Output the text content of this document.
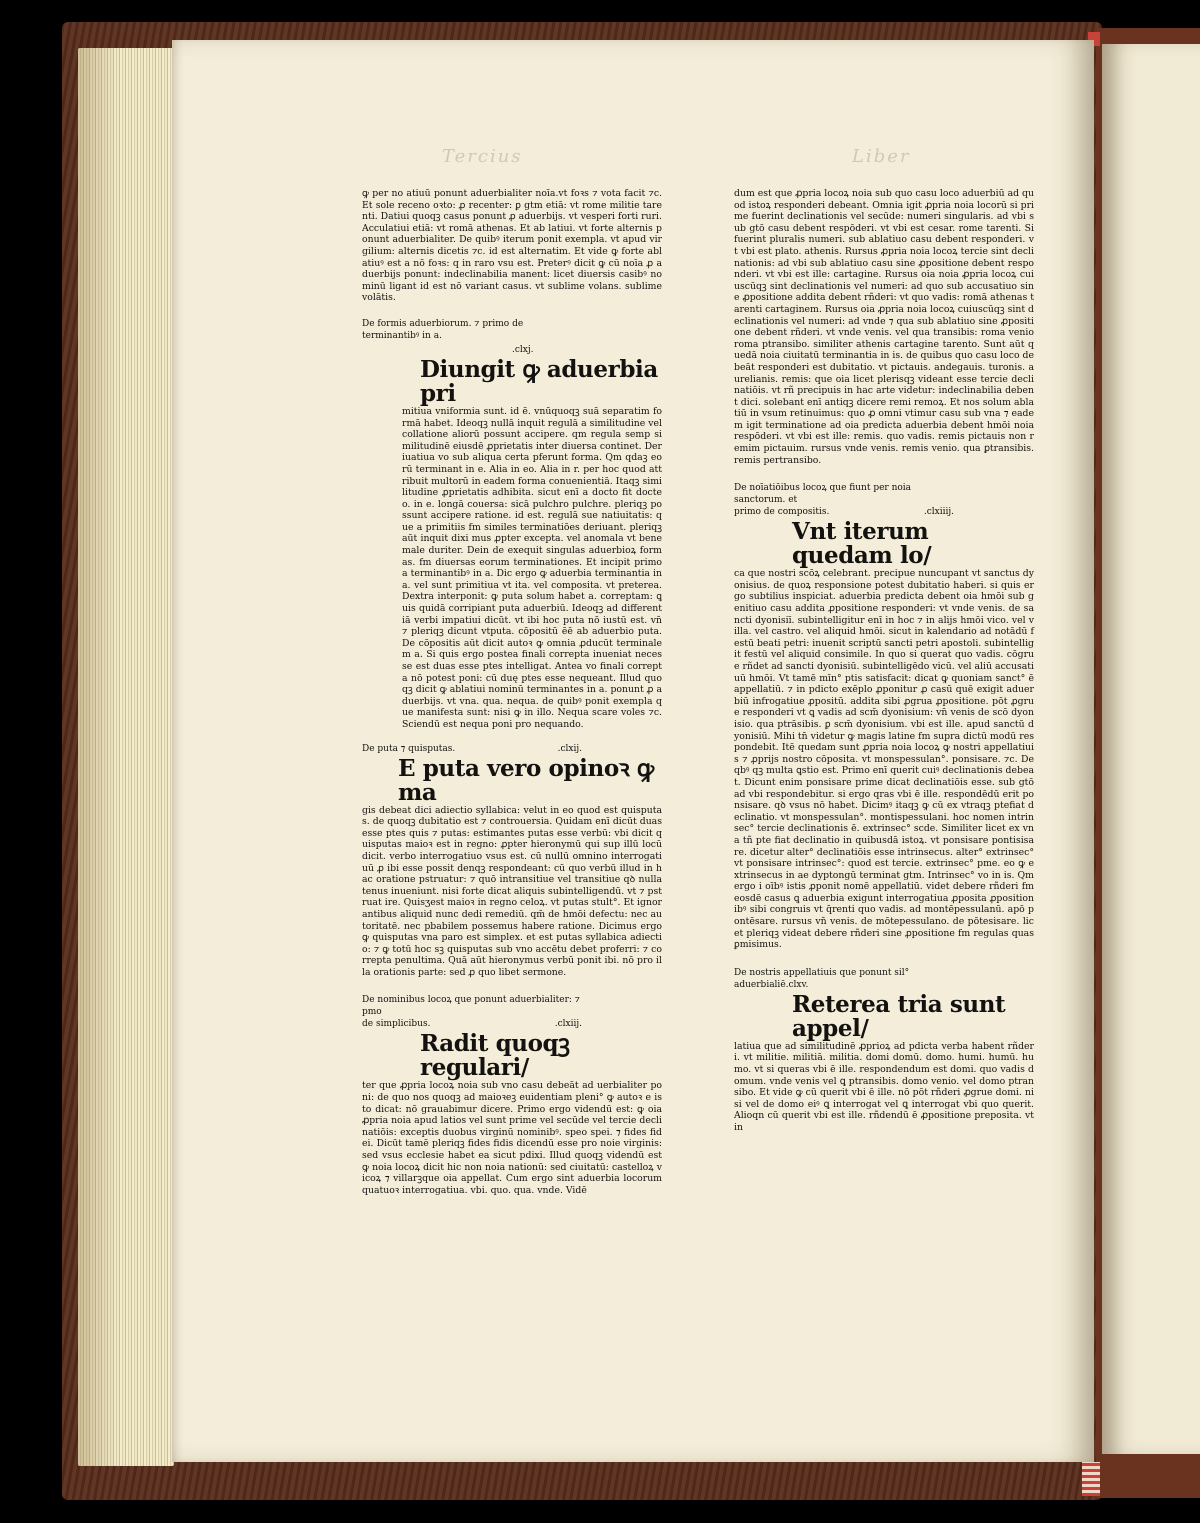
Tercius	Liber

ꝙ per no atiuū ponunt aduerbialiter noīa.vt foꝛs ⁊ vota facit ⁊c. Et sole receno oꝛto: ꝓ recenter: ꝑ gtm etiā: vt rome militie tarenti. Datiui quoqꝫ casus ponunt ꝓ aduerbijs. vt vesperi forti ruri. Acculatiui etiā: vt romā athenas. Et ab latiui. vt forte alternis ponunt aduerbialiter. De quibꝰ iterum ponit exempla. vt apud virgilium: alternis dicetis ⁊c. id est alternatim. Et vide ꝙ forte ablatiuꝰ est a nō foꝛs: q in raro vsu est. Preterꝰ dicit ꝙ cū noīa ꝓ aduerbijs ponunt: indeclinabilia manent: licet diuersis casibꝰ nominū ligant id est nō variant casus. vt sublime volans. sublime volātis.

De formis aduerbiorum. ⁊ primo de terminantibꝰ in a.
.clxj.
Diungit ꝙ aduerbia pri

mitiua vniformia sunt. id ē. vnūquoqꝫ suā separatim formā habet. Ideoqꝫ nullā inquit regulā a similitudine vel collatione aliorū possunt accipere. qm regula semp similitudinē eiusdē ꝓprietatis inter diuersa continet. Deriuatiua vo sub aliqua certa pferunt forma. Qm qdaꝫ eorū terminant in e. Alia in eo. Alia in r. per hoc quod attribuit multorū in eadem forma conuenientiā. Itaqꝫ similitudine ꝓprietatis adhibita. sicut enī a docto fit docte o. in e. longā couersa: sicā pulchro pulchre. pleriqꝫ possunt accipere ratione. id est. regulā sue natiuitatis: que a primitiis fm similes terminatiōes deriuant. pleriqꝫ aūt inquit dixi mus ꝓpter excepta. vel anomala vt bene male duriter. Dein de exequit singulas aduerbioꝝ formas. fm diuersas eorum terminationes. Et incipit primo a terminantibꝰ in a. Dic ergo ꝙ aduerbia terminantia in a. vel sunt primitiua vt ita. vel composita. vt preterea. Dextra interponit: ꝙ puta solum habet a. correptam: ꝗuis quidā corripiant puta aduerbiū. Ideoqꝫ ad differentiā verbi impatiui dicūt. vt ibi hoc puta nō iustū est. vn̄ ⁊ pleriqꝫ dicunt vtputa. cōpositū ēē ab aduerbio puta. De cōpositis aūt dicit autoꝛ ꝙ omnia ꝓducūt terminalem a. Si quis ergo postea finali correpta inueniat necesse est duas esse ptes intelligat. Antea vo finali correpta nō potest poni: cū duę ptes esse nequeant. Illud quoqꝫ dicit ꝙ ablatiui nominū terminantes in a. ponunt ꝓ aduerbijs. vt vna. qua. nequa. de quibꝰ ponit exempla que manifesta sunt: nisi ꝙ in illo. Nequa scare voles ⁊c. Sciendū est nequa poni pro nequando.

De puta ⁊ quisputas.	.clxij.
E puta vero opinoꝛ ꝙ ma

gis debeat dici adiectio syllabica: velut in eo quod est quisputas. de quoqꝫ dubitatio est ⁊ controuersia. Quidam enī dicūt duas esse ptes quis ⁊ putas: estimantes putas esse verbū: vbi dicit quisputas maioꝛ est in regno: ꝓpter hieronymū qui sup illū locū dicit. verbo interrogatiuo vsus est. cū nullū omnino interrogatiuū ꝓ ibi esse possit denqꝫ respondeant: cū quo verbū illud in hac oratione pstruatur: ⁊ quō intransitiue vel transitiue qꝺ nullatenus inueniunt. nisi forte dicat aliquis subintelligendū. vt ⁊ pstruat ire. Quisʒest maioꝛ in regno celoꝝ. vt putas stult°. Et ignorantibus aliquid nunc dedi remediū. qm̄ de hmōi defectu: nec autoritatē. nec pbabilem possemus habere ratione. Dicimus ergo ꝙ quisputas vna paro est simplex. et est putas syllabica adiectio: ⁊ ꝙ totū hoc sꝫ quisputas sub vno accētu debet proferri: ⁊ correpta penultima. Quā aūt hieronymus verbū ponit ibi. nō pro illa orationis parte: sed ꝓ quo libet sermone.

De nominibus locoꝝ que ponunt aduerbialiter: ⁊ pmo
de simplicibus.	.clxiij.
Radit quoqꝫ regulari/

ter que ꝓpria locoꝝ noia sub vno casu debeāt ad uerbialiter poni: de quo nos quoqꝫ ad maioꝛeꝫ euidentiam pleni° ꝙ autoꝛ e isto dicat: nō grauabimur dicere. Primo ergo videndū est: ꝙ oia ꝓpria noia apud latios vel sunt prime vel secūde vel tercie declinatiōis: exceptis duobus virginū nominibꝰ. speo spei. ⁊ fides fidei. Dicūt tamē pleriqꝫ fides fidis dicendū esse pro noie virginis: sed vsus ecclesie habet ea sicut pdixi. Illud quoqꝫ videndū est ꝙ noia locoꝝ dicit hic non noia nationū: sed ciuitatū: castelloꝝ vicoꝝ ⁊ villarꝫque oia appellat. Cum ergo sint aduerbia locorum quatuoꝛ interrogatiua. vbi. quo. qua. vnde. Vidē

dum est que ꝓpria locoꝝ noia sub quo casu loco aduerbiū ad quod istoꝝ responderi debeant. Omnia igit ꝓpria noia locorū si prime fuerint declinationis vel secūde: numeri singularis. ad vbi sub gtō casu debent respōderi. vt vbi est cesar. rome tarenti. Si fuerint pluralis numeri. sub ablatiuo casu debent responderi. vt vbi est plato. athenis. Rursus ꝓpria noia locoꝝ tercie sint declinationis: ad vbi sub ablatiuo casu sine ꝓpositione debent responderi. vt vbi est ille: cartagine. Rursus oia noia ꝓpria locoꝝ cuiuscūqꝫ sint declinationis vel numeri: ad quo sub accusatiuo sine ꝓpositione addita debent rñderi: vt quo vadis: romā athenas tarenti cartaginem. Rursus oia ꝓpria noia locoꝝ cuiuscūqꝫ sint declinationis vel numeri: ad vnde ⁊ qua sub ablatiuo sine ꝓpositione debent rñderi. vt vnde venis. vel qua transibis: roma venio roma ptransibo. similiter athenis cartagine tarento. Sunt aūt quedā noia ciuitatū terminantia in is. de quibus quo casu loco debeāt responderi est dubitatio. vt pictauis. andegauis. turonis. aurelianis. remis: que oia licet plerisqꝫ videant esse tercie declinatiōis. vt rñ precipuis in hac arte videtur: indeclinabilia debent dici. solebant enī antiqꝫ dicere remi remoꝝ. Et nos solum ablatiū in vsum retinuimus: quo ꝓ omni vtimur casu sub vna ⁊ eadem igit terminatione ad oia predicta aduerbia debent hmōi noia respōderi. vt vbi est ille: remis. quo vadis. remis pictauis non remim pictauim. rursus vnde venis. remis venio. qua ꝑtransibis. remis pertransibo.

De noīatiōibus locoꝝ que fiunt per noia sanctorum. et
primo de compositis.	.clxiiij.
Vnt iterum quedam lo/

ca que nostri scōꝝ celebrant. precipue nuncupant vt sanctus dyonisius. de quoꝝ responsione potest dubitatio haberi. si quis ergo subtilius inspiciat. aduerbia predicta debent oia hmōi sub genitiuo casu addita ꝓpositione responderi: vt vnde venis. de sancti dyonisiī. subintelligitur enī in hoc ⁊ in alijs hmōi vico. vel villa. vel castro. vel aliquid hmōi. sicut in kalendario ad notādū festū beati petri: inuenit scriptū sancti petri apostoli. subintelligit festū vel aliquid consimile. In quo si querat quo vadis. cōgrue rñdet ad sancti dyonisiū. subintelligēdo vicū. vel aliū accusatiuū hmōi. Vt tamē mīn° ptis satisfacit: dicat ꝙ quoniam sanct° ē appellatiū. ⁊ in pdicto exēplo ꝓponitur ꝓ casū quē exigit aduerbiū infrogatiue ꝓpositū. addita sibi ꝓgrua ꝓpositione. pōt ꝓgrue responderi vt ꝗ vadis ad scm̄ dyonisium: vn̄ venis de scō dyonisio. qua ptrāsibis. ꝑ scm̄ dyonisium. vbi est ille. apud sanctū dyonisiū. Mihi tn̄ videtur ꝙ magis latine fm supra dictū modū respondebit. Itē quedam sunt ꝓpria noia locoꝝ ꝙ nostri appellatiuis ⁊ ꝓprijs nostro cōposita. vt monspessulan°. ponsisare. ⁊c. De qbꝰ qꝫ multa ꝗstio est. Primo enī querit cuiꝰ declinationis debeat. Dicunt enim ponsisare prime dicat declinatiōis esse. sub gtō ad vbi respondebitur. si ergo qras vbi ē ille. respondēdū erit ponsisare. qꝺ vsus nō habet. Dicimꝰ itaqꝫ ꝙ cū ex vtraqꝫ ptefiat declinatio. vt monspessulan°. montispessulani. hoc nomen intrinsec° tercie declinationis ē. extrinsec° scde. Similiter licet ex vna tñ pte fiat declinatio in quibusdā istoꝝ. vt ponsisare pontisisare. dicetur alter° declinatiōis esse intrinsecus. alter° extrinsec° vt ponsisare intrinsec°: quod est tercie. extrinsec° pme. eo ꝙ extrinsecus in ae dyptongū terminat gtm. Intrinsec° vo in is. Qm ergo i oībꝰ istis ꝓponit nomē appellatiū. videt debere rñderi fm eosdē casus ꝗ aduerbia exigunt interrogatiua ꝓposita ꝓpositionibꝰ sibi congruis vt q̄renti quo vadis. ad montēpessulanū. apō pontēsare. rursus vn̄ venis. de mōtepessulano. de pōtesisare. licet pleriqꝫ videat debere rñderi sine ꝓpositione fm regulas quas ꝑmisimus.

De nostris appellatiuis que ponunt sil° aduerbialiē.clxv.
Reterea tria sunt appel/

latiua que ad similitudinē ꝓprioꝝ ad pdicta verba habent rñderi. vt militie. militiā. militia. domi domū. domo. humi. humū. humo. vt si queras vbi ē ille. respondendum est domi. quo vadis domum. vnde venis vel ꝗ ptransibis. domo venio. vel domo ptransibo. Et vide ꝙ cū querit vbi ē ille. nō pōt rñderi ꝓgrue domi. nisi vel de domo eiꝰ ꝗ interrogat vel ꝗ interrogat vbi quo querit. Alioqn cū querit vbi est ille. rñdendū ē ꝓpositione preposita. vt in
